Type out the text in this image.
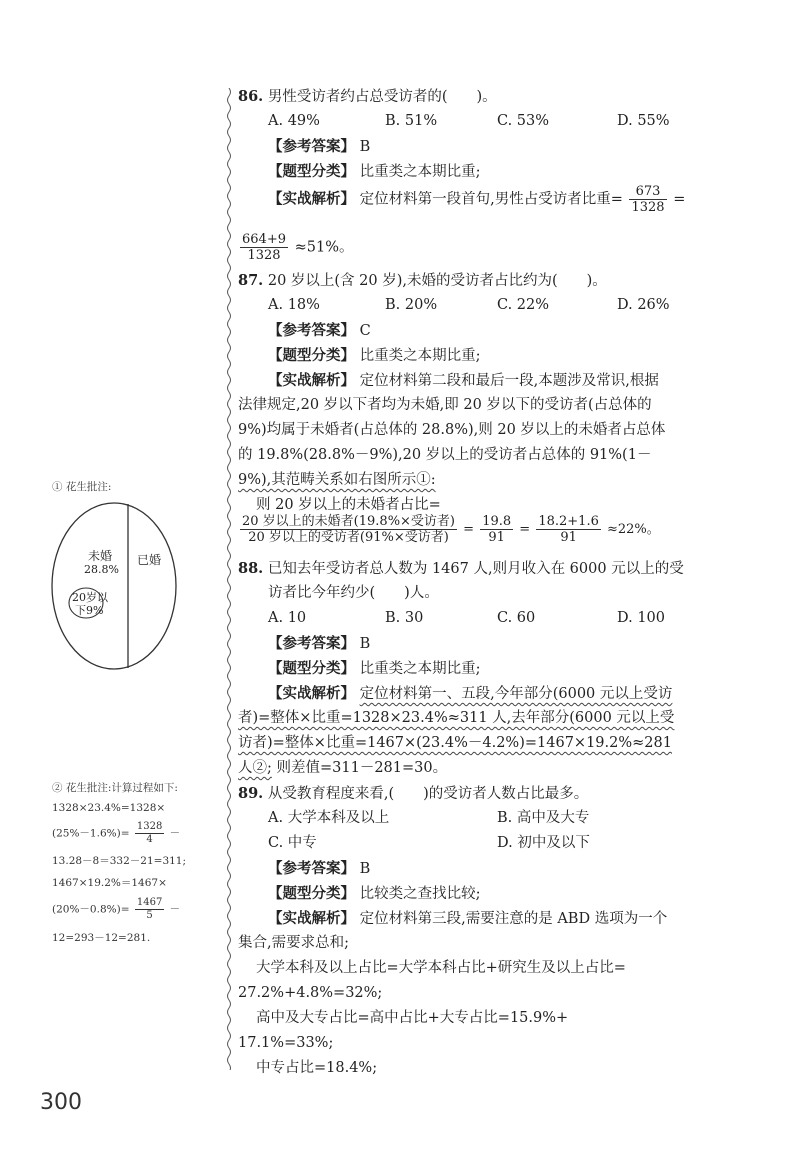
86. 男性受访者约占总受访者的(　　)。
A. 49%	B. 51%	C. 53%	D. 55%
【参考答案】 B
【题型分类】 比重类之本期比重;
【实战解析】 定位材料第一段首句,男性占受访者比重= $\frac{673}{1328}$ =
$\frac{664+9}{1328} \approx 51\%$。
87. 20 岁以上(含 20 岁),未婚的受访者占比约为(　　)。
A. 18%	B. 20%	C. 22%	D. 26%
【参考答案】 C
【题型分类】 比重类之本期比重;
【实战解析】 定位材料第二段和最后一段,本题涉及常识,根据
法律规定,20 岁以下者均为未婚,即 20 岁以下的受访者(占总体的
9%)均属于未婚者(占总体的 28.8%),则 20 岁以上的未婚者占总体
的 19.8%(28.8%－9%),20 岁以上的受访者占总体的 91%(1－
9%),其范畴关系如右图所示①:
则 20 岁以上的未婚者占比=
$\frac{\text{20 岁以上的未婚者(19.8\%×受访者)}}{\text{20 岁以上的受访者(91\%×受访者)}} = \frac{19.8}{91} = \frac{18.2+1.6}{91} \approx 22\%$。
88. 已知去年受访者总人数为 1467 人,则月收入在 6000 元以上的受
访者比今年约少(　　)人。
A. 10	B. 30	C. 60	D. 100
【参考答案】 B
【题型分类】 比重类之本期比重;
【实战解析】 定位材料第一、五段,今年部分(6000 元以上受访
者)=整体×比重=1328×23.4%≈311 人,去年部分(6000 元以上受
访者)=整体×比重=1467×(23.4%－4.2%)=1467×19.2%≈281
人②; 则差值=311－281=30。
89. 从受教育程度来看,(　　)的受访者人数占比最多。
A. 大学本科及以上	B. 高中及大专
C. 中专	D. 初中及以下
【参考答案】 B
【题型分类】 比较类之查找比较;
【实战解析】 定位材料第三段,需要注意的是 ABD 选项为一个
集合,需要求总和;
大学本科及以上占比=大学本科占比+研究生及以上占比=
27.2%+4.8%=32%;
高中及大专占比=高中占比+大专占比=15.9%+
17.1%=33%;
中专占比=18.4%;
① 花生批注:
未婚
28.8%
已婚
20岁以
下9%
② 花生批注:计算过程如下:
1328×23.4%=1328×
$(25\%-1.6\%)= \frac{1328}{4}$ －
13.28－8＝332－21=311;
1467×19.2%＝1467×
$(20\%-0.8\%)= \frac{1467}{5}$ －
12=293－12=281.
300
